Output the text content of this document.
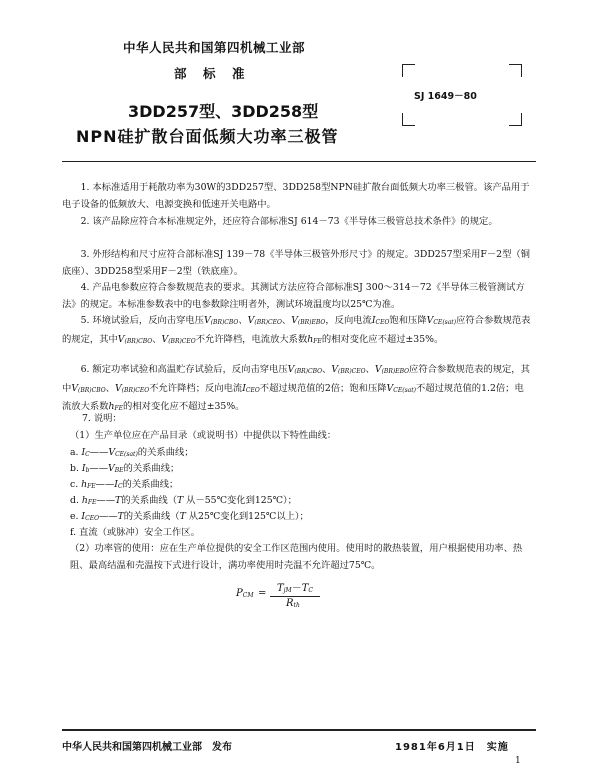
中华人民共和国第四机械工业部
部　标　准
3DD257型、3DD258型
NPN硅扩散台面低频大功率三极管
SJ 1649－80
1. 本标准适用于耗散功率为30W的3DD257型、3DD258型NPN硅扩散台面低频大功率三极管。该产品用于电子设备的低频放大、电源变换和低速开关电路中。
2. 该产品除应符合本标准规定外，还应符合部标准SJ 614－73《半导体三极管总技术条件》的规定。
3. 外形结构和尺寸应符合部标准SJ 139－78《半导体三极管外形尺寸》的规定。3DD257型采用F－2型（铜底座）、3DD258型采用F－2型（铁底座）。
4. 产品电参数应符合参数规范表的要求。其测试方法应符合部标准SJ 300～314－72《半导体三极管测试方法》的规定。本标准参数表中的电参数除注明者外，测试环境温度均以25℃为准。
5. 环境试验后，反向击穿电压$V_{(BR)CBO}$、$V_{(BR)CEO}$、$V_{(BR)EBO}$，反向电流$I_{CEO}$饱和压降$V_{CE(sat)}$应符合参数规范表的规定，其中$V_{(BR)CBO}$、$V_{(BR)CEO}$不允许降档，电流放大系数$h_{FE}$的相对变化应不超过±35%。
6. 额定功率试验和高温贮存试验后，反向击穿电压$V_{(BR)CBO}$、$V_{(BR)CEO}$、$V_{(BR)EBO}$应符合参数规范表的规定，其中$V_{(BR)CBO}$、$V_{(BR)CEO}$不允许降档；反向电流$I_{CEO}$不超过规范值的2倍；饱和压降$V_{CE(sat)}$不超过规范值的1.2倍；电流放大系数$h_{FE}$的相对变化应不超过±35%。
7. 说明：
（1）生产单位应在产品目录（或说明书）中提供以下特性曲线：
a. $I_C——V_{CE(sat)}$的关系曲线；
b. $I_b——V_{BE}$的关系曲线；
c. $h_{FE}——I_C$的关系曲线；
d. $h_{FE}——T$的关系曲线（T 从－55℃变化到125℃）；
e. $I_{CEO}——T$的关系曲线（T 从25℃变化到125℃以上）；
f. 直流（或脉冲）安全工作区。
（2）功率管的使用：应在生产单位提供的安全工作区范围内使用。使用时的散热装置，用户根据使用功率、热阻、最高结温和壳温按下式进行设计，满功率使用时壳温不允许超过75℃。
$P_{CM} = T_{jM}-T_C$
$R_{th}$
中华人民共和国第四机械工业部　发布	1981年6月1日　实施
1
